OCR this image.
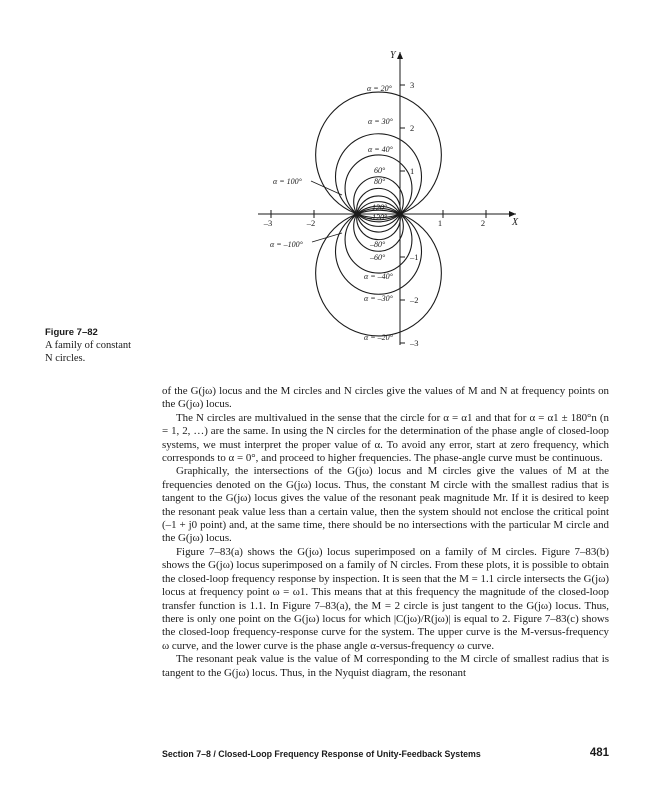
X
Y
–3	–2	1	2
3
2
1
–1
–2
–3
α = 20°
α = 30°
α = 40°
60°
80°
α = 100°
120°
–120°
α = –100°	–80°
–60°
α = –40°
α = –30°
α = –20°
Figure 7–82
A family of constant
N circles.

of the G(jω) locus and the M circles and N circles give the values of M and N at frequency points on the G(jω) locus.

The N circles are multivalued in the sense that the circle for α = α1 and that for α = α1 ± 180°n (n = 1, 2, …) are the same. In using the N circles for the determination of the phase angle of closed-loop systems, we must interpret the proper value of α. To avoid any error, start at zero frequency, which corresponds to α = 0°, and proceed to higher frequencies. The phase-angle curve must be continuous.

Graphically, the intersections of the G(jω) locus and M circles give the values of M at the frequencies denoted on the G(jω) locus. Thus, the constant M circle with the smallest radius that is tangent to the G(jω) locus gives the value of the resonant peak magnitude Mr. If it is desired to keep the resonant peak value less than a certain value, then the system should not enclose the critical point (–1 + j0 point) and, at the same time, there should be no intersections with the particular M circle and the G(jω) locus.

Figure 7–83(a) shows the G(jω) locus superimposed on a family of M circles. Figure 7–83(b) shows the G(jω) locus superimposed on a family of N circles. From these plots, it is possible to obtain the closed-loop frequency response by inspection. It is seen that the M = 1.1 circle intersects the G(jω) locus at frequency point ω = ω1. This means that at this frequency the magnitude of the closed-loop transfer function is 1.1. In Figure 7–83(a), the M = 2 circle is just tangent to the G(jω) locus. Thus, there is only one point on the G(jω) locus for which |C(jω)/R(jω)| is equal to 2. Figure 7–83(c) shows the closed-loop frequency-response curve for the system. The upper curve is the M-versus-frequency ω curve, and the lower curve is the phase angle α-versus-frequency ω curve.

The resonant peak value is the value of M corresponding to the M circle of smallest radius that is tangent to the G(jω) locus. Thus, in the Nyquist diagram, the resonant

Section 7–8 / Closed-Loop Frequency Response of Unity-Feedback Systems	481
